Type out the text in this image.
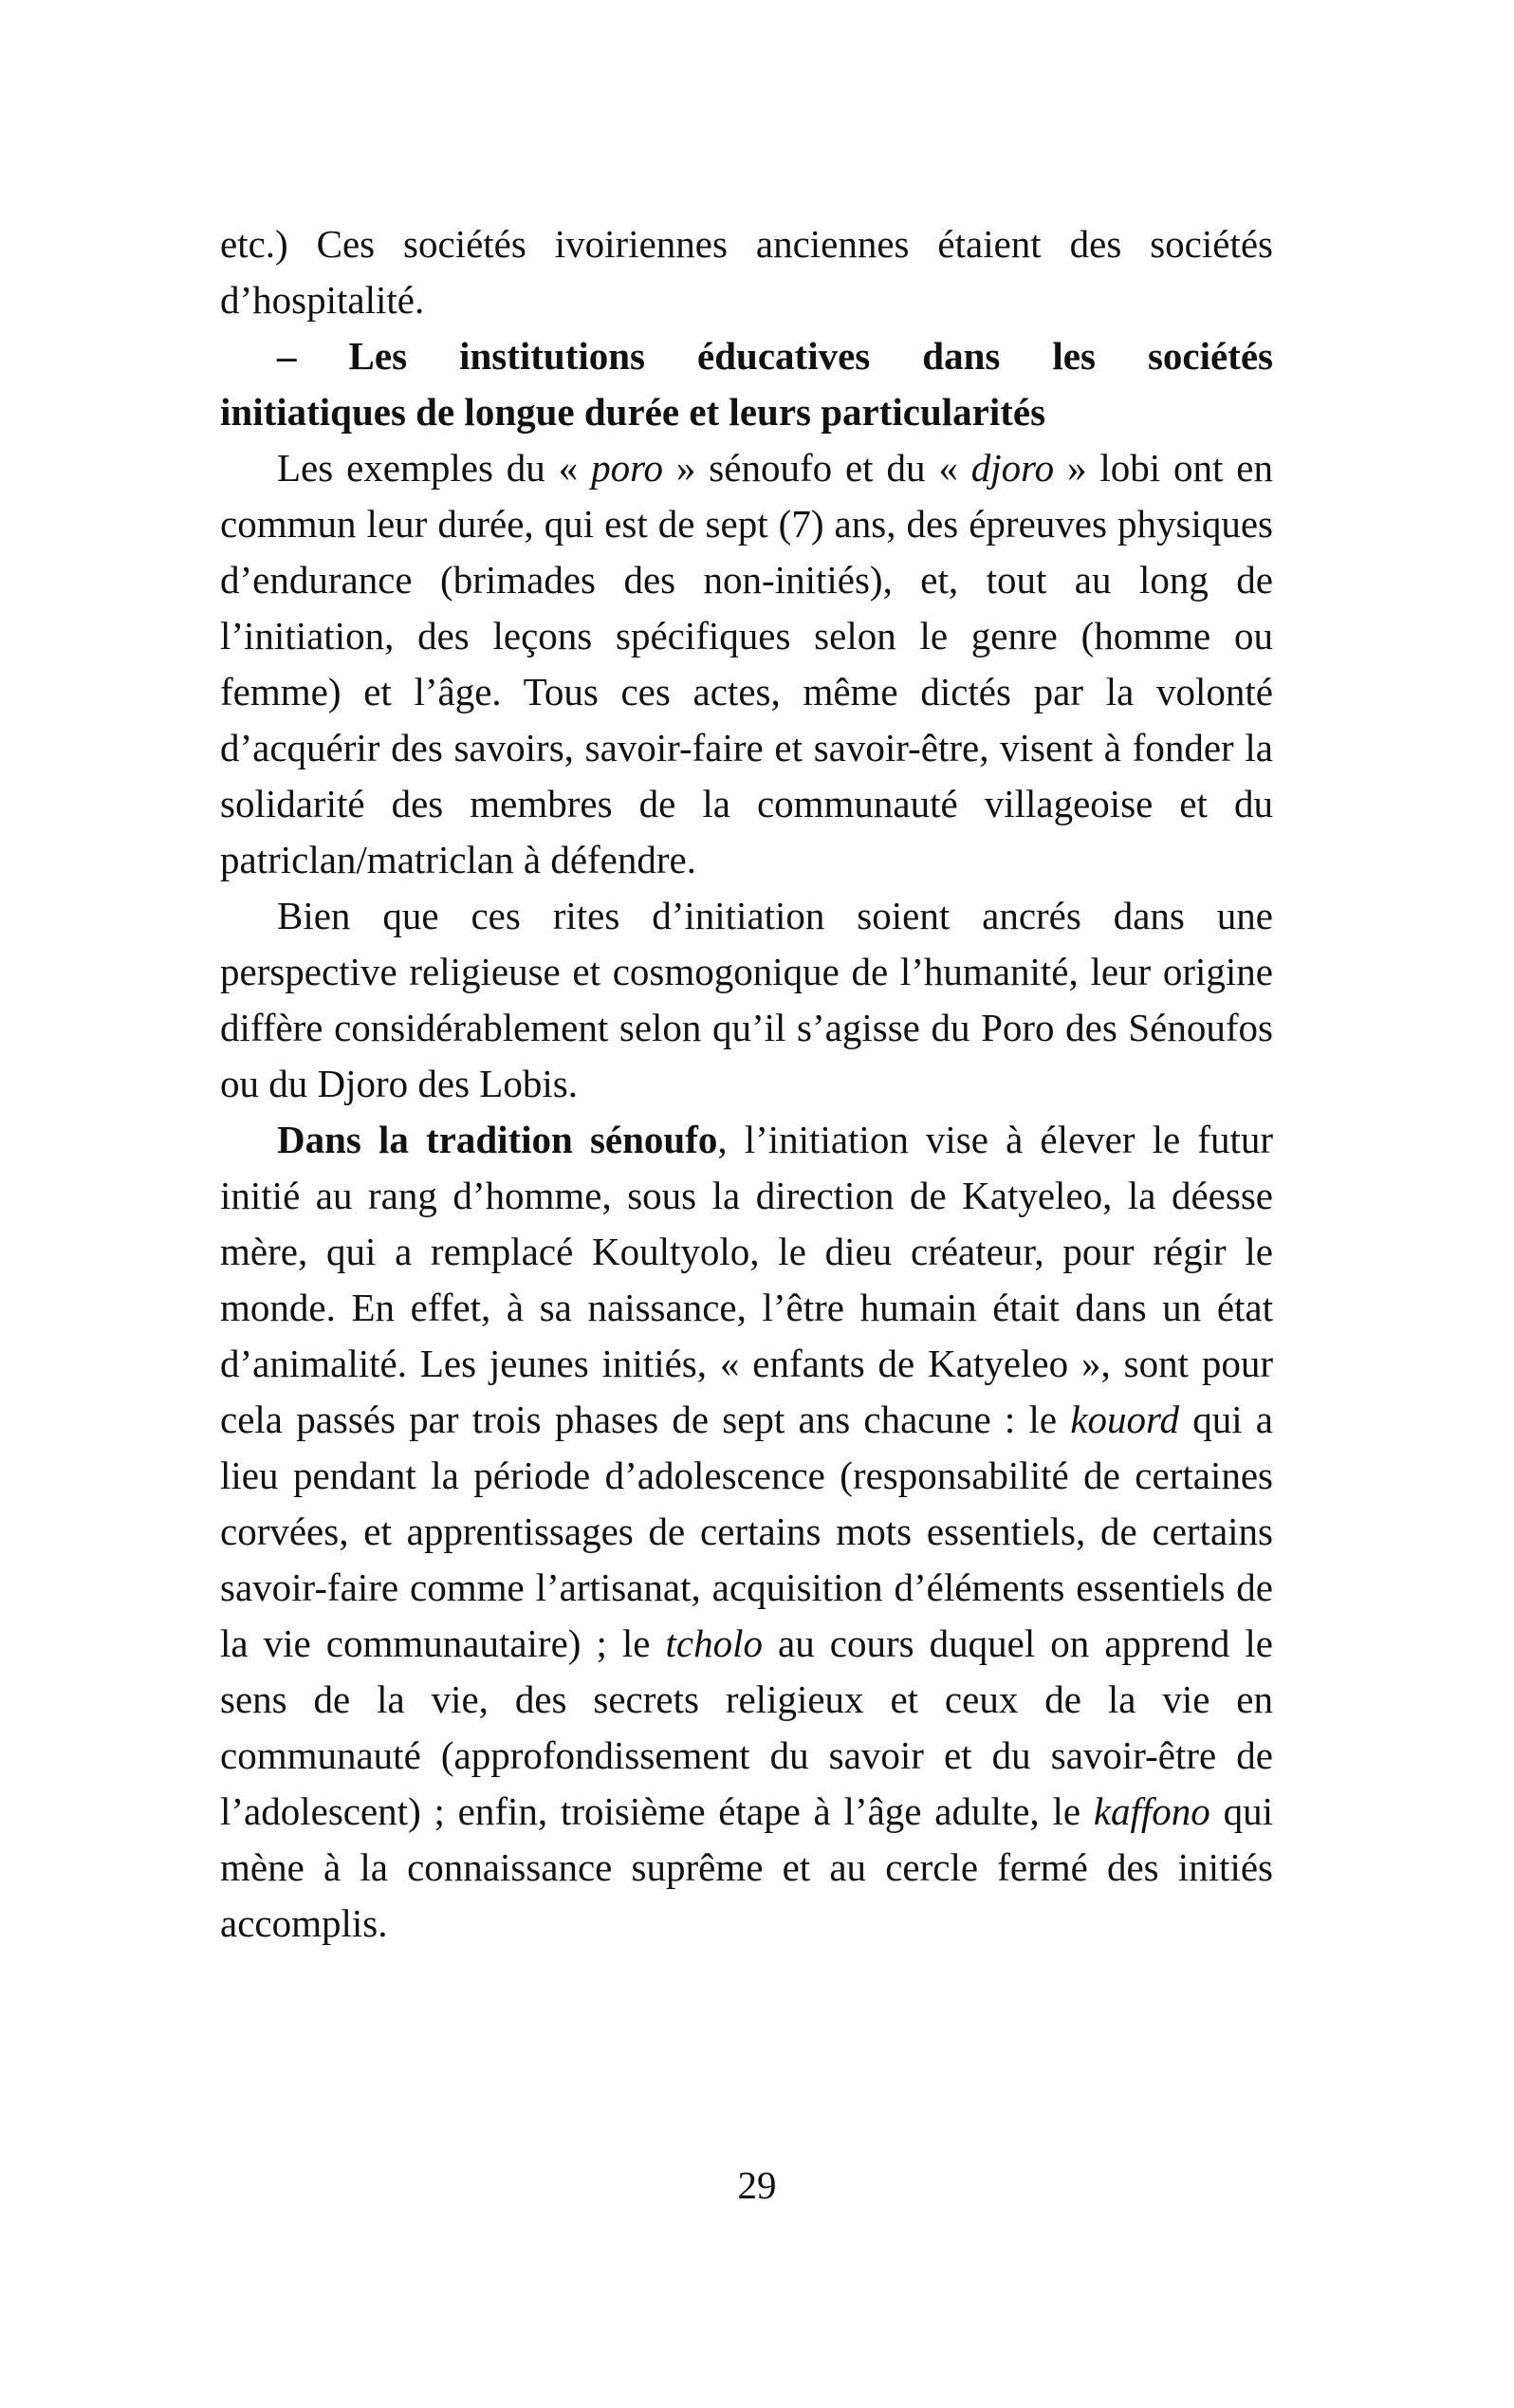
etc.) Ces sociétés ivoiriennes anciennes étaient des sociétés d’hospitalité.

– Les institutions éducatives dans les sociétés
initiatiques de longue durée et leurs particularités

Les exemples du « poro » sénoufo et du « djoro » lobi ont en commun leur durée, qui est de sept (7) ans, des épreuves physiques d’endurance (brimades des non-initiés), et, tout au long de l’initiation, des leçons spécifiques selon le genre (homme ou femme) et l’âge. Tous ces actes, même dictés par la volonté d’acquérir des savoirs, savoir-faire et savoir-être, visent à fonder la solidarité des membres de la communauté villageoise et du patriclan/matriclan à défendre.

Bien que ces rites d’initiation soient ancrés dans une perspective religieuse et cosmogonique de l’humanité, leur origine diffère considérablement selon qu’il s’agisse du Poro des Sénoufos ou du Djoro des Lobis.

Dans la tradition sénoufo, l’initiation vise à élever le futur initié au rang d’homme, sous la direction de Katyeleo, la déesse mère, qui a remplacé Koultyolo, le dieu créateur, pour régir le monde. En effet, à sa naissance, l’être humain était dans un état d’animalité. Les jeunes initiés, « enfants de Katyeleo », sont pour cela passés par trois phases de sept ans chacune : le kouord qui a lieu pendant la période d’adolescence (responsabilité de certaines corvées, et apprentissages de certains mots essentiels, de certains savoir-faire comme l’artisanat, acquisition d’éléments essentiels de la vie communautaire) ; le tcholo au cours duquel on apprend le sens de la vie, des secrets religieux et ceux de la vie en communauté (approfondissement du savoir et du savoir-être de l’adolescent) ; enfin, troisième étape à l’âge adulte, le kaffono qui mène à la connaissance suprême et au cercle fermé des initiés accomplis.

29
